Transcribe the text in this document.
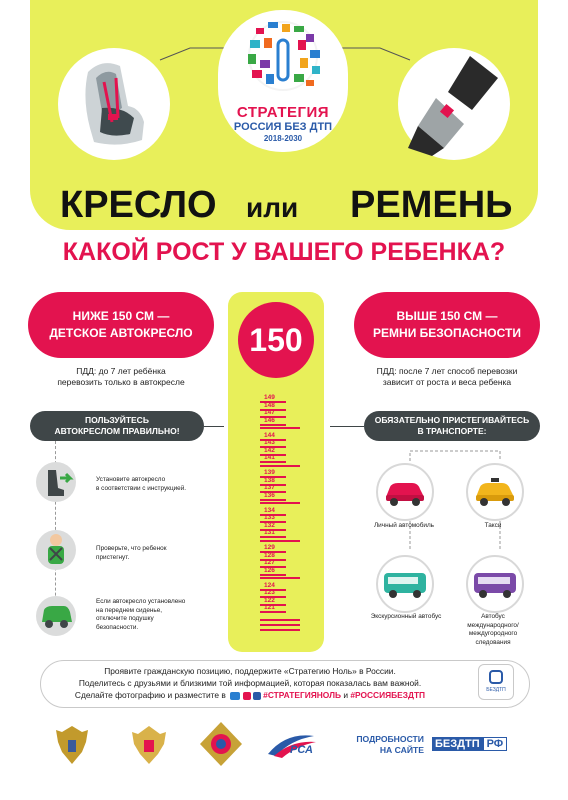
СТРАТЕГИЯ
РОССИЯ БЕЗ ДТП
2018-2030
КРЕСЛО или РЕМЕНЬ
КАКОЙ РОСТ У ВАШЕГО РЕБЕНКА?
НИЖЕ 150 СМ —
ДЕТСКОЕ АВТОКРЕСЛО
ВЫШЕ 150 СМ —
РЕМНИ БЕЗОПАСНОСТИ
ПДД: до 7 лет ребёнка
перевозить только в автокресле
ПДД: после 7 лет способ перевозки
зависит от роста и веса ребенка
150
149
148
147
146
144
143
142
141
139
138
137
136
134
133
132
131
129
128
127
126
124
123
122
121
ПОЛЬЗУЙТЕСЬ
АВТОКРЕСЛОМ ПРАВИЛЬНО!
ОБЯЗАТЕЛЬНО ПРИСТЕГИВАЙТЕСЬ
В ТРАНСПОРТЕ:
Установите автокресло
в соответствии с инструкцией.
Проверьте, что ребенок
пристегнут.
Если автокресло установлено
на переднем сиденье,
отключите подушку
безопасности.
Личный автомобиль	Такси
Экскурсионный автобус	Автобус
международного/
междугородного
следования
Проявите гражданскую позицию, поддержите «Стратегию Ноль» в России.
Поделитесь с друзьями и близкими той информацией, которая показалась вам важной.
Сделайте фотографию и разместите в	#СТРАТЕГИЯНОЛЬ и #РОССИЯБЕЗДТП	БЕЗДТП
РСА
ПОДРОБНОСТИ
НА САЙТЕ БЕЗДТП РФ
